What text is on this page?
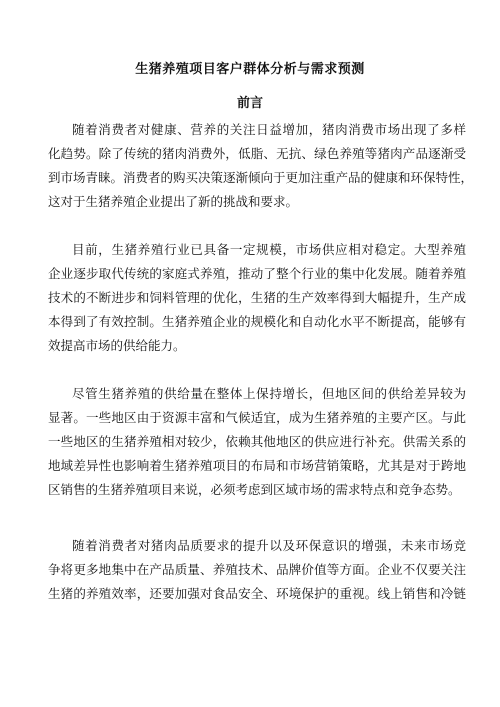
生猪养殖项目客户群体分析与需求预测
前言
随着消费者对健康、营养的关注日益增加，猪肉消费市场出现了多样
化趋势。除了传统的猪肉消费外，低脂、无抗、绿色养殖等猪肉产品逐渐受
到市场青睐。消费者的购买决策逐渐倾向于更加注重产品的健康和环保特性，
这对于生猪养殖企业提出了新的挑战和要求。
目前，生猪养殖行业已具备一定规模，市场供应相对稳定。大型养殖
企业逐步取代传统的家庭式养殖，推动了整个行业的集中化发展。随着养殖
技术的不断进步和饲料管理的优化，生猪的生产效率得到大幅提升，生产成
本得到了有效控制。生猪养殖企业的规模化和自动化水平不断提高，能够有
效提高市场的供给能力。
尽管生猪养殖的供给量在整体上保持增长，但地区间的供给差异较为
显著。一些地区由于资源丰富和气候适宜，成为生猪养殖的主要产区。与此
一些地区的生猪养殖相对较少，依赖其他地区的供应进行补充。供需关系的
地域差异性也影响着生猪养殖项目的布局和市场营销策略，尤其是对于跨地
区销售的生猪养殖项目来说，必须考虑到区域市场的需求特点和竞争态势。
随着消费者对猪肉品质要求的提升以及环保意识的增强，未来市场竞
争将更多地集中在产品质量、养殖技术、品牌价值等方面。企业不仅要关注
生猪的养殖效率，还要加强对食品安全、环境保护的重视。线上销售和冷链
